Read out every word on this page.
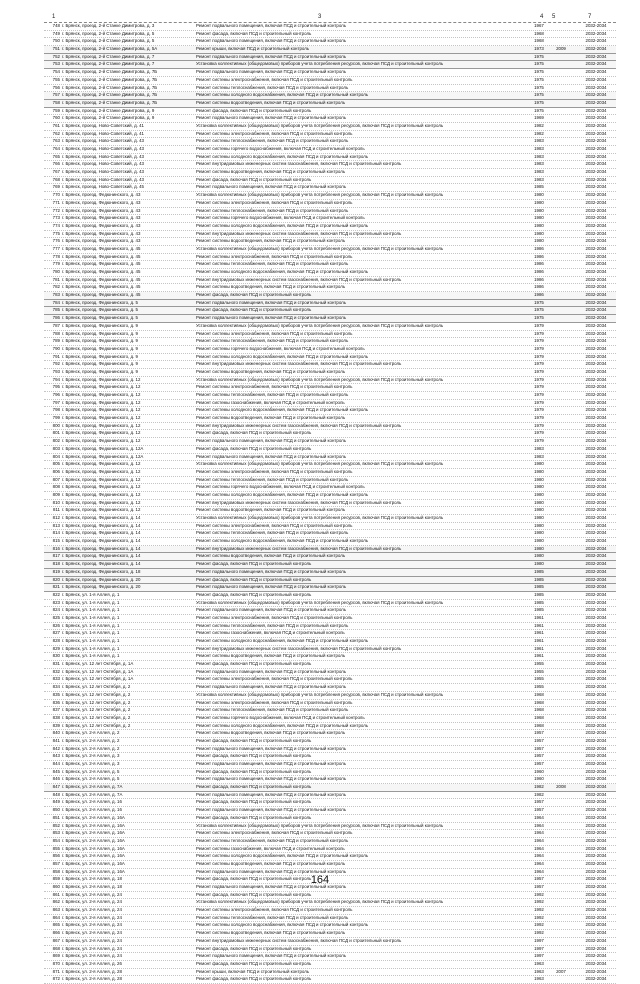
1	3	4 5	7
748 г. Брянск, проезд. 2-й Станке Димитрова, д. 3	Ремонт подвального помещения, включая ПСД и строительный контроль	1967	2032-2034
749 г. Брянск, проезд. 2-й Станке Димитрова, д. 5	Ремонт фасада, включая ПСД и строительный контроль	1968	2032-2034
750 г. Брянск, проезд. 2-й Станке Димитрова, д. 5	Ремонт подвального помещения, включая ПСД и строительный контроль	1968	2032-2034
751 г. Брянск, проезд. 2-й Станке Димитрова, д. 5А	Ремонт крыши, включая ПСД и строительный контроль	1973	2009	2032-2034
752 г. Брянск, проезд. 2-й Станке Димитрова, д. 7	Ремонт подвального помещения, включая ПСД и строительный контроль	1975	2032-2034
753 г. Брянск, проезд. 2-й Станке Димитрова, д. 7	Установка коллективных (общедомовых) приборов учета потребления ресурсов, включая ПСД и строительный контроль	1975	2032-2034
754 г. Брянск, проезд. 2-й Станке Димитрова, д. 7Б	Ремонт подвального помещения, включая ПСД и строительный контроль	1975	2032-2034
755 г. Брянск, проезд. 2-й Станке Димитрова, д. 7Б	Ремонт системы электроснабжения, включая ПСД и строительный контроль	1975	2032-2034
756 г. Брянск, проезд. 2-й Станке Димитрова, д. 7Б	Ремонт системы теплоснабжения, включая ПСД и строительный контроль	1975	2032-2034
757 г. Брянск, проезд. 2-й Станке Димитрова, д. 7Б	Ремонт системы холодного водоснабжения, включая ПСД и строительный контроль	1975	2032-2034
758 г. Брянск, проезд. 2-й Станке Димитрова, д. 7Б	Ремонт системы водоотведения, включая ПСД и строительный контроль	1975	2032-2034
759 г. Брянск, проезд. 2-й Станке Димитрова, д. 9	Ремонт фасада, включая ПСД и строительный контроль	1975	2032-2034
760 г. Брянск, проезд. 2-й Станке Димитрова, д. 9	Ремонт подвального помещения, включая ПСД и строительный контроль	1969	2032-2034
761 г. Брянск, проезд. Ново-Советский, д. 41	Установка коллективных (общедомовых) приборов учета потребления ресурсов, включая ПСД и строительный контроль	1982	2032-2034
762 г. Брянск, проезд. Ново-Советский, д. 41	Ремонт системы электроснабжения, включая ПСД и строительный контроль	1982	2032-2034
763 г. Брянск, проезд. Ново-Советский, д. 43	Ремонт системы теплоснабжения, включая ПСД и строительный контроль	1983	2032-2034
764 г. Брянск, проезд. Ново-Советский, д. 43	Ремонт системы горячего водоснабжения, включая ПСД и строительный контроль	1983	2032-2034
765 г. Брянск, проезд. Ново-Советский, д. 43	Ремонт системы холодного водоснабжения, включая ПСД и строительный контроль	1983	2032-2034
766 г. Брянск, проезд. Ново-Советский, д. 43	Ремонт внутридомовых инженерных систем газоснабжения, включая ПСД и строительный контроль	1983	2032-2034
767 г. Брянск, проезд. Ново-Советский, д. 43	Ремонт системы водоотведения, включая ПСД и строительный контроль	1983	2032-2034
768 г. Брянск, проезд. Ново-Советский, д. 43	Ремонт фасада, включая ПСД и строительный контроль	1983	2032-2034
769 г. Брянск, проезд. Ново-Советский, д. 45	Ремонт подвального помещения, включая ПСД и строительный контроль	1985	2032-2034
770 г. Брянск, проезд. Федюнинского, д. 43	Установка коллективных (общедомовых) приборов учета потребления ресурсов, включая ПСД и строительный контроль	1980	2032-2034
771 г. Брянск, проезд. Федюнинского, д. 43	Ремонт системы электроснабжения, включая ПСД и строительный контроль	1980	2032-2034
772 г. Брянск, проезд. Федюнинского, д. 43	Ремонт системы теплоснабжения, включая ПСД и строительный контроль	1980	2032-2034
773 г. Брянск, проезд. Федюнинского, д. 43	Ремонт системы горячего водоснабжения, включая ПСД и строительный контроль	1980	2032-2034
774 г. Брянск, проезд. Федюнинского, д. 43	Ремонт системы холодного водоснабжения, включая ПСД и строительный контроль	1980	2032-2034
775 г. Брянск, проезд. Федюнинского, д. 43	Ремонт внутридомовых инженерных систем газоснабжения, включая ПСД и строительный контроль	1980	2032-2034
776 г. Брянск, проезд. Федюнинского, д. 43	Ремонт системы водоотведения, включая ПСД и строительный контроль	1980	2032-2034
777 г. Брянск, проезд. Федюнинского, д. 45	Установка коллективных (общедомовых) приборов учета потребления ресурсов, включая ПСД и строительный контроль	1986	2032-2034
778 г. Брянск, проезд. Федюнинского, д. 45	Ремонт системы электроснабжения, включая ПСД и строительный контроль	1986	2032-2034
779 г. Брянск, проезд. Федюнинского, д. 45	Ремонт системы теплоснабжения, включая ПСД и строительный контроль	1986	2032-2034
780 г. Брянск, проезд. Федюнинского, д. 45	Ремонт системы холодного водоснабжения, включая ПСД и строительный контроль	1986	2032-2034
781 г. Брянск, проезд. Федюнинского, д. 45	Ремонт внутридомовых инженерных систем газоснабжения, включая ПСД и строительный контроль	1986	2032-2034
782 г. Брянск, проезд. Федюнинского, д. 45	Ремонт системы водоотведения, включая ПСД и строительный контроль	1986	2032-2034
783 г. Брянск, проезд. Федюнинского, д. 45	Ремонт фасада, включая ПСД и строительный контроль	1986	2032-2034
784 г. Брянск, проезд. Федюнинского, д. 5	Ремонт подвального помещения, включая ПСД и строительный контроль	1975	2032-2034
785 г. Брянск, проезд. Федюнинского, д. 5	Ремонт фасада, включая ПСД и строительный контроль	1975	2032-2034
786 г. Брянск, проезд. Федюнинского, д. 5	Ремонт подвального помещения, включая ПСД и строительный контроль	1975	2032-2034
787 г. Брянск, проезд. Федюнинского, д. 9	Установка коллективных (общедомовых) приборов учета потребления ресурсов, включая ПСД и строительный контроль	1979	2032-2034
788 г. Брянск, проезд. Федюнинского, д. 9	Ремонт системы электроснабжения, включая ПСД и строительный контроль	1979	2032-2034
789 г. Брянск, проезд. Федюнинского, д. 9	Ремонт системы теплоснабжения, включая ПСД и строительный контроль	1979	2032-2034
790 г. Брянск, проезд. Федюнинского, д. 9	Ремонт системы горячего водоснабжения, включая ПСД и строительный контроль	1979	2032-2034
791 г. Брянск, проезд. Федюнинского, д. 9	Ремонт системы холодного водоснабжения, включая ПСД и строительный контроль	1979	2032-2034
792 г. Брянск, проезд. Федюнинского, д. 9	Ремонт внутридомовых инженерных систем газоснабжения, включая ПСД и строительный контроль	1979	2032-2034
793 г. Брянск, проезд. Федюнинского, д. 9	Ремонт системы водоотведения, включая ПСД и строительный контроль	1979	2032-2034
794 г. Брянск, проезд. Федюнинского, д. 12	Установка коллективных (общедомовых) приборов учета потребления ресурсов, включая ПСД и строительный контроль	1979	2032-2034
795 г. Брянск, проезд. Федюнинского, д. 12	Ремонт системы электроснабжения, включая ПСД и строительный контроль	1979	2032-2034
796 г. Брянск, проезд. Федюнинского, д. 12	Ремонт системы теплоснабжения, включая ПСД и строительный контроль	1979	2032-2034
797 г. Брянск, проезд. Федюнинского, д. 12	Ремонт системы газоснабжения, включая ПСД и строительный контроль	1979	2032-2034
798 г. Брянск, проезд. Федюнинского, д. 12	Ремонт системы холодного водоснабжения, включая ПСД и строительный контроль	1979	2032-2034
799 г. Брянск, проезд. Федюнинского, д. 12	Ремонт системы водоотведения, включая ПСД и строительный контроль	1979	2032-2034
800 г. Брянск, проезд. Федюнинского, д. 12	Ремонт внутридомовых инженерных систем газоснабжения, включая ПСД и строительный контроль	1979	2032-2034
801 г. Брянск, проезд. Федюнинского, д. 12	Ремонт фасада, включая ПСД и строительный контроль	1979	2032-2034
802 г. Брянск, проезд. Федюнинского, д. 12	Ремонт подвального помещения, включая ПСД и строительный контроль	1979	2032-2034
803 г. Брянск, проезд. Федюнинского, д. 12А	Ремонт фасада, включая ПСД и строительный контроль	1983	2032-2034
804 г. Брянск, проезд. Федюнинского, д. 12А	Ремонт подвального помещения, включая ПСД и строительный контроль	1983	2032-2034
805 г. Брянск, проезд. Федюнинского, д. 12	Установка коллективных (общедомовых) приборов учета потребления ресурсов, включая ПСД и строительный контроль	1980	2032-2034
806 г. Брянск, проезд. Федюнинского, д. 12	Ремонт системы электроснабжения, включая ПСД и строительный контроль	1980	2032-2034
807 г. Брянск, проезд. Федюнинского, д. 12	Ремонт системы теплоснабжения, включая ПСД и строительный контроль	1980	2032-2034
808 г. Брянск, проезд. Федюнинского, д. 12	Ремонт системы горячего водоснабжения, включая ПСД и строительный контроль	1980	2032-2034
809 г. Брянск, проезд. Федюнинского, д. 12	Ремонт системы холодного водоснабжения, включая ПСД и строительный контроль	1980	2032-2034
810 г. Брянск, проезд. Федюнинского, д. 12	Ремонт внутридомовых инженерных систем газоснабжения, включая ПСД и строительный контроль	1980	2032-2034
811 г. Брянск, проезд. Федюнинского, д. 12	Ремонт системы водоотведения, включая ПСД и строительный контроль	1980	2032-2034
812 г. Брянск, проезд. Федюнинского, д. 14	Установка коллективных (общедомовых) приборов учета потребления ресурсов, включая ПСД и строительный контроль	1980	2032-2034
813 г. Брянск, проезд. Федюнинского, д. 14	Ремонт системы электроснабжения, включая ПСД и строительный контроль	1980	2032-2034
814 г. Брянск, проезд. Федюнинского, д. 14	Ремонт системы теплоснабжения, включая ПСД и строительный контроль	1980	2032-2034
815 г. Брянск, проезд. Федюнинского, д. 14	Ремонт системы холодного водоснабжения, включая ПСД и строительный контроль	1980	2032-2034
816 г. Брянск, проезд. Федюнинского, д. 14	Ремонт внутридомовых инженерных систем газоснабжения, включая ПСД и строительный контроль	1980	2032-2034
817 г. Брянск, проезд. Федюнинского, д. 14	Ремонт системы водоотведения, включая ПСД и строительный контроль	1980	2032-2034
818 г. Брянск, проезд. Федюнинского, д. 14	Ремонт фасада, включая ПСД и строительный контроль	1980	2032-2034
819 г. Брянск, проезд. Федюнинского, д. 18	Ремонт подвального помещения, включая ПСД и строительный контроль	1985	2032-2034
820 г. Брянск, проезд. Федюнинского, д. 20	Ремонт фасада, включая ПСД и строительный контроль	1985	2032-2034
821 г. Брянск, проезд. Федюнинского, д. 20	Ремонт подвального помещения, включая ПСД и строительный контроль	1985	2032-2034
822 г. Брянск, ул. 1-я Аллея, д. 1	Ремонт фасада, включая ПСД и строительный контроль	1985	2032-2034
823 г. Брянск, ул. 1-я Аллея, д. 1	Установка коллективных (общедомовых) приборов учета потребления ресурсов, включая ПСД и строительный контроль	1985	2032-2034
824 г. Брянск, ул. 1-я Аллея, д. 1	Ремонт подвального помещения, включая ПСД и строительный контроль	1985	2032-2034
825 г. Брянск, ул. 1-я Аллея, д. 1	Ремонт системы электроснабжения, включая ПСД и строительный контроль	1961	2032-2034
826 г. Брянск, ул. 1-я Аллея, д. 1	Ремонт системы теплоснабжения, включая ПСД и строительный контроль	1961	2032-2034
827 г. Брянск, ул. 1-я Аллея, д. 1	Ремонт системы газоснабжения, включая ПСД и строительный контроль	1961	2032-2034
828 г. Брянск, ул. 1-я Аллея, д. 1	Ремонт системы холодного водоснабжения, включая ПСД и строительный контроль	1961	2032-2034
829 г. Брянск, ул. 1-я Аллея, д. 1	Ремонт внутридомовых инженерных систем газоснабжения, включая ПСД и строительный контроль	1961	2032-2034
830 г. Брянск, ул. 1-я Аллея, д. 1	Ремонт системы водоотведения, включая ПСД и строительный контроль	1961	2032-2034
831 г. Брянск, ул. 12 лет Октября, д. 1А	Ремонт фасада, включая ПСД и строительный контроль	1955	2032-2034
832 г. Брянск, ул. 12 лет Октября, д. 1А	Ремонт подвального помещения, включая ПСД и строительный контроль	1955	2032-2034
833 г. Брянск, ул. 12 лет Октября, д. 1А	Ремонт системы электроснабжения, включая ПСД и строительный контроль	1955	2032-2034
834 г. Брянск, ул. 12 лет Октября, д. 2	Ремонт подвального помещения, включая ПСД и строительный контроль	1955	2032-2034
835 г. Брянск, ул. 12 лет Октября, д. 2	Установка коллективных (общедомовых) приборов учета потребления ресурсов, включая ПСД и строительный контроль	1968	2032-2034
836 г. Брянск, ул. 12 лет Октября, д. 2	Ремонт системы электроснабжения, включая ПСД и строительный контроль	1968	2032-2034
837 г. Брянск, ул. 12 лет Октября, д. 2	Ремонт системы теплоснабжения, включая ПСД и строительный контроль	1968	2032-2034
838 г. Брянск, ул. 12 лет Октября, д. 2	Ремонт системы горячего водоснабжения, включая ПСД и строительный контроль	1968	2032-2034
839 г. Брянск, ул. 12 лет Октября, д. 2	Ремонт системы холодного водоснабжения, включая ПСД и строительный контроль	1968	2032-2034
840 г. Брянск, ул. 2-я Аллея, д. 2	Ремонт системы водоотведения, включая ПСД и строительный контроль	1957	2032-2034
841 г. Брянск, ул. 2-я Аллея, д. 2	Ремонт фасада, включая ПСД и строительный контроль	1957	2032-2034
842 г. Брянск, ул. 2-я Аллея, д. 2	Ремонт подвального помещения, включая ПСД и строительный контроль	1957	2032-2034
843 г. Брянск, ул. 2-я Аллея, д. 3	Ремонт фасада, включая ПСД и строительный контроль	1957	2032-2034
844 г. Брянск, ул. 2-я Аллея, д. 3	Ремонт подвального помещения, включая ПСД и строительный контроль	1957	2032-2034
845 г. Брянск, ул. 2-я Аллея, д. 5	Ремонт фасада, включая ПСД и строительный контроль	1960	2032-2034
846 г. Брянск, ул. 2-я Аллея, д. 5	Ремонт подвального помещения, включая ПСД и строительный контроль	1960	2032-2034
847 г. Брянск, ул. 2-я Аллея, д. 7А	Ремонт фасада, включая ПСД и строительный контроль	1982	2008	2032-2034
848 г. Брянск, ул. 2-я Аллея, д. 7А	Ремонт подвального помещения, включая ПСД и строительный контроль	1982	2032-2034
849 г. Брянск, ул. 2-я Аллея, д. 16	Ремонт фасада, включая ПСД и строительный контроль	1957	2032-2034
850 г. Брянск, ул. 2-я Аллея, д. 16	Ремонт подвального помещения, включая ПСД и строительный контроль	1957	2032-2034
851 г. Брянск, ул. 2-я Аллея, д. 16А	Ремонт фасада, включая ПСД и строительный контроль	1964	2032-2034
852 г. Брянск, ул. 2-я Аллея, д. 16А	Установка коллективных (общедомовых) приборов учета потребления ресурсов, включая ПСД и строительный контроль	1964	2032-2034
853 г. Брянск, ул. 2-я Аллея, д. 16А	Ремонт системы электроснабжения, включая ПСД и строительный контроль	1964	2032-2034
854 г. Брянск, ул. 2-я Аллея, д. 16А	Ремонт системы теплоснабжения, включая ПСД и строительный контроль	1964	2032-2034
855 г. Брянск, ул. 2-я Аллея, д. 16А	Ремонт системы газоснабжения, включая ПСД и строительный контроль	1964	2032-2034
856 г. Брянск, ул. 2-я Аллея, д. 16А	Ремонт системы холодного водоснабжения, включая ПСД и строительный контроль	1964	2032-2034
857 г. Брянск, ул. 2-я Аллея, д. 16А	Ремонт системы водоотведения, включая ПСД и строительный контроль	1964	2032-2034
858 г. Брянск, ул. 2-я Аллея, д. 16А	Ремонт подвального помещения, включая ПСД и строительный контроль	1964	2032-2034
859 г. Брянск, ул. 2-я Аллея, д. 18	Ремонт фасада, включая ПСД и строительный контроль	1957	2032-2034
860 г. Брянск, ул. 2-я Аллея, д. 18	Ремонт подвального помещения, включая ПСД и строительный контроль	1957	2032-2034
861 г. Брянск, ул. 2-я Аллея, д. 24	Ремонт фасада, включая ПСД и строительный контроль	1992	2032-2034
862 г. Брянск, ул. 2-я Аллея, д. 24	Установка коллективных (общедомовых) приборов учета потребления ресурсов, включая ПСД и строительный контроль	1992	2032-2034
863 г. Брянск, ул. 2-я Аллея, д. 24	Ремонт системы электроснабжения, включая ПСД и строительный контроль	1992	2032-2034
864 г. Брянск, ул. 2-я Аллея, д. 24	Ремонт системы теплоснабжения, включая ПСД и строительный контроль	1992	2032-2034
865 г. Брянск, ул. 2-я Аллея, д. 24	Ремонт системы холодного водоснабжения, включая ПСД и строительный контроль	1992	2032-2034
866 г. Брянск, ул. 2-я Аллея, д. 24	Ремонт системы водоотведения, включая ПСД и строительный контроль	1992	2032-2034
867 г. Брянск, ул. 2-я Аллея, д. 24	Ремонт внутридомовых инженерных систем газоснабжения, включая ПСД и строительный контроль	1997	2032-2034
868 г. Брянск, ул. 2-я Аллея, д. 24	Ремонт фасада, включая ПСД и строительный контроль	1997	2032-2034
869 г. Брянск, ул. 2-я Аллея, д. 24	Ремонт подвального помещения, включая ПСД и строительный контроль	1997	2032-2034
870 г. Брянск, ул. 2-я Аллея, д. 26	Ремонт фасада, включая ПСД и строительный контроль	1963	2032-2034
871 г. Брянск, ул. 2-я Аллея, д. 28	Ремонт крыши, включая ПСД и строительный контроль	1963	2007	2032-2034
872 г. Брянск, ул. 2-я Аллея, д. 28	Ремонт фасада, включая ПСД и строительный контроль	1963	2032-2034
164
